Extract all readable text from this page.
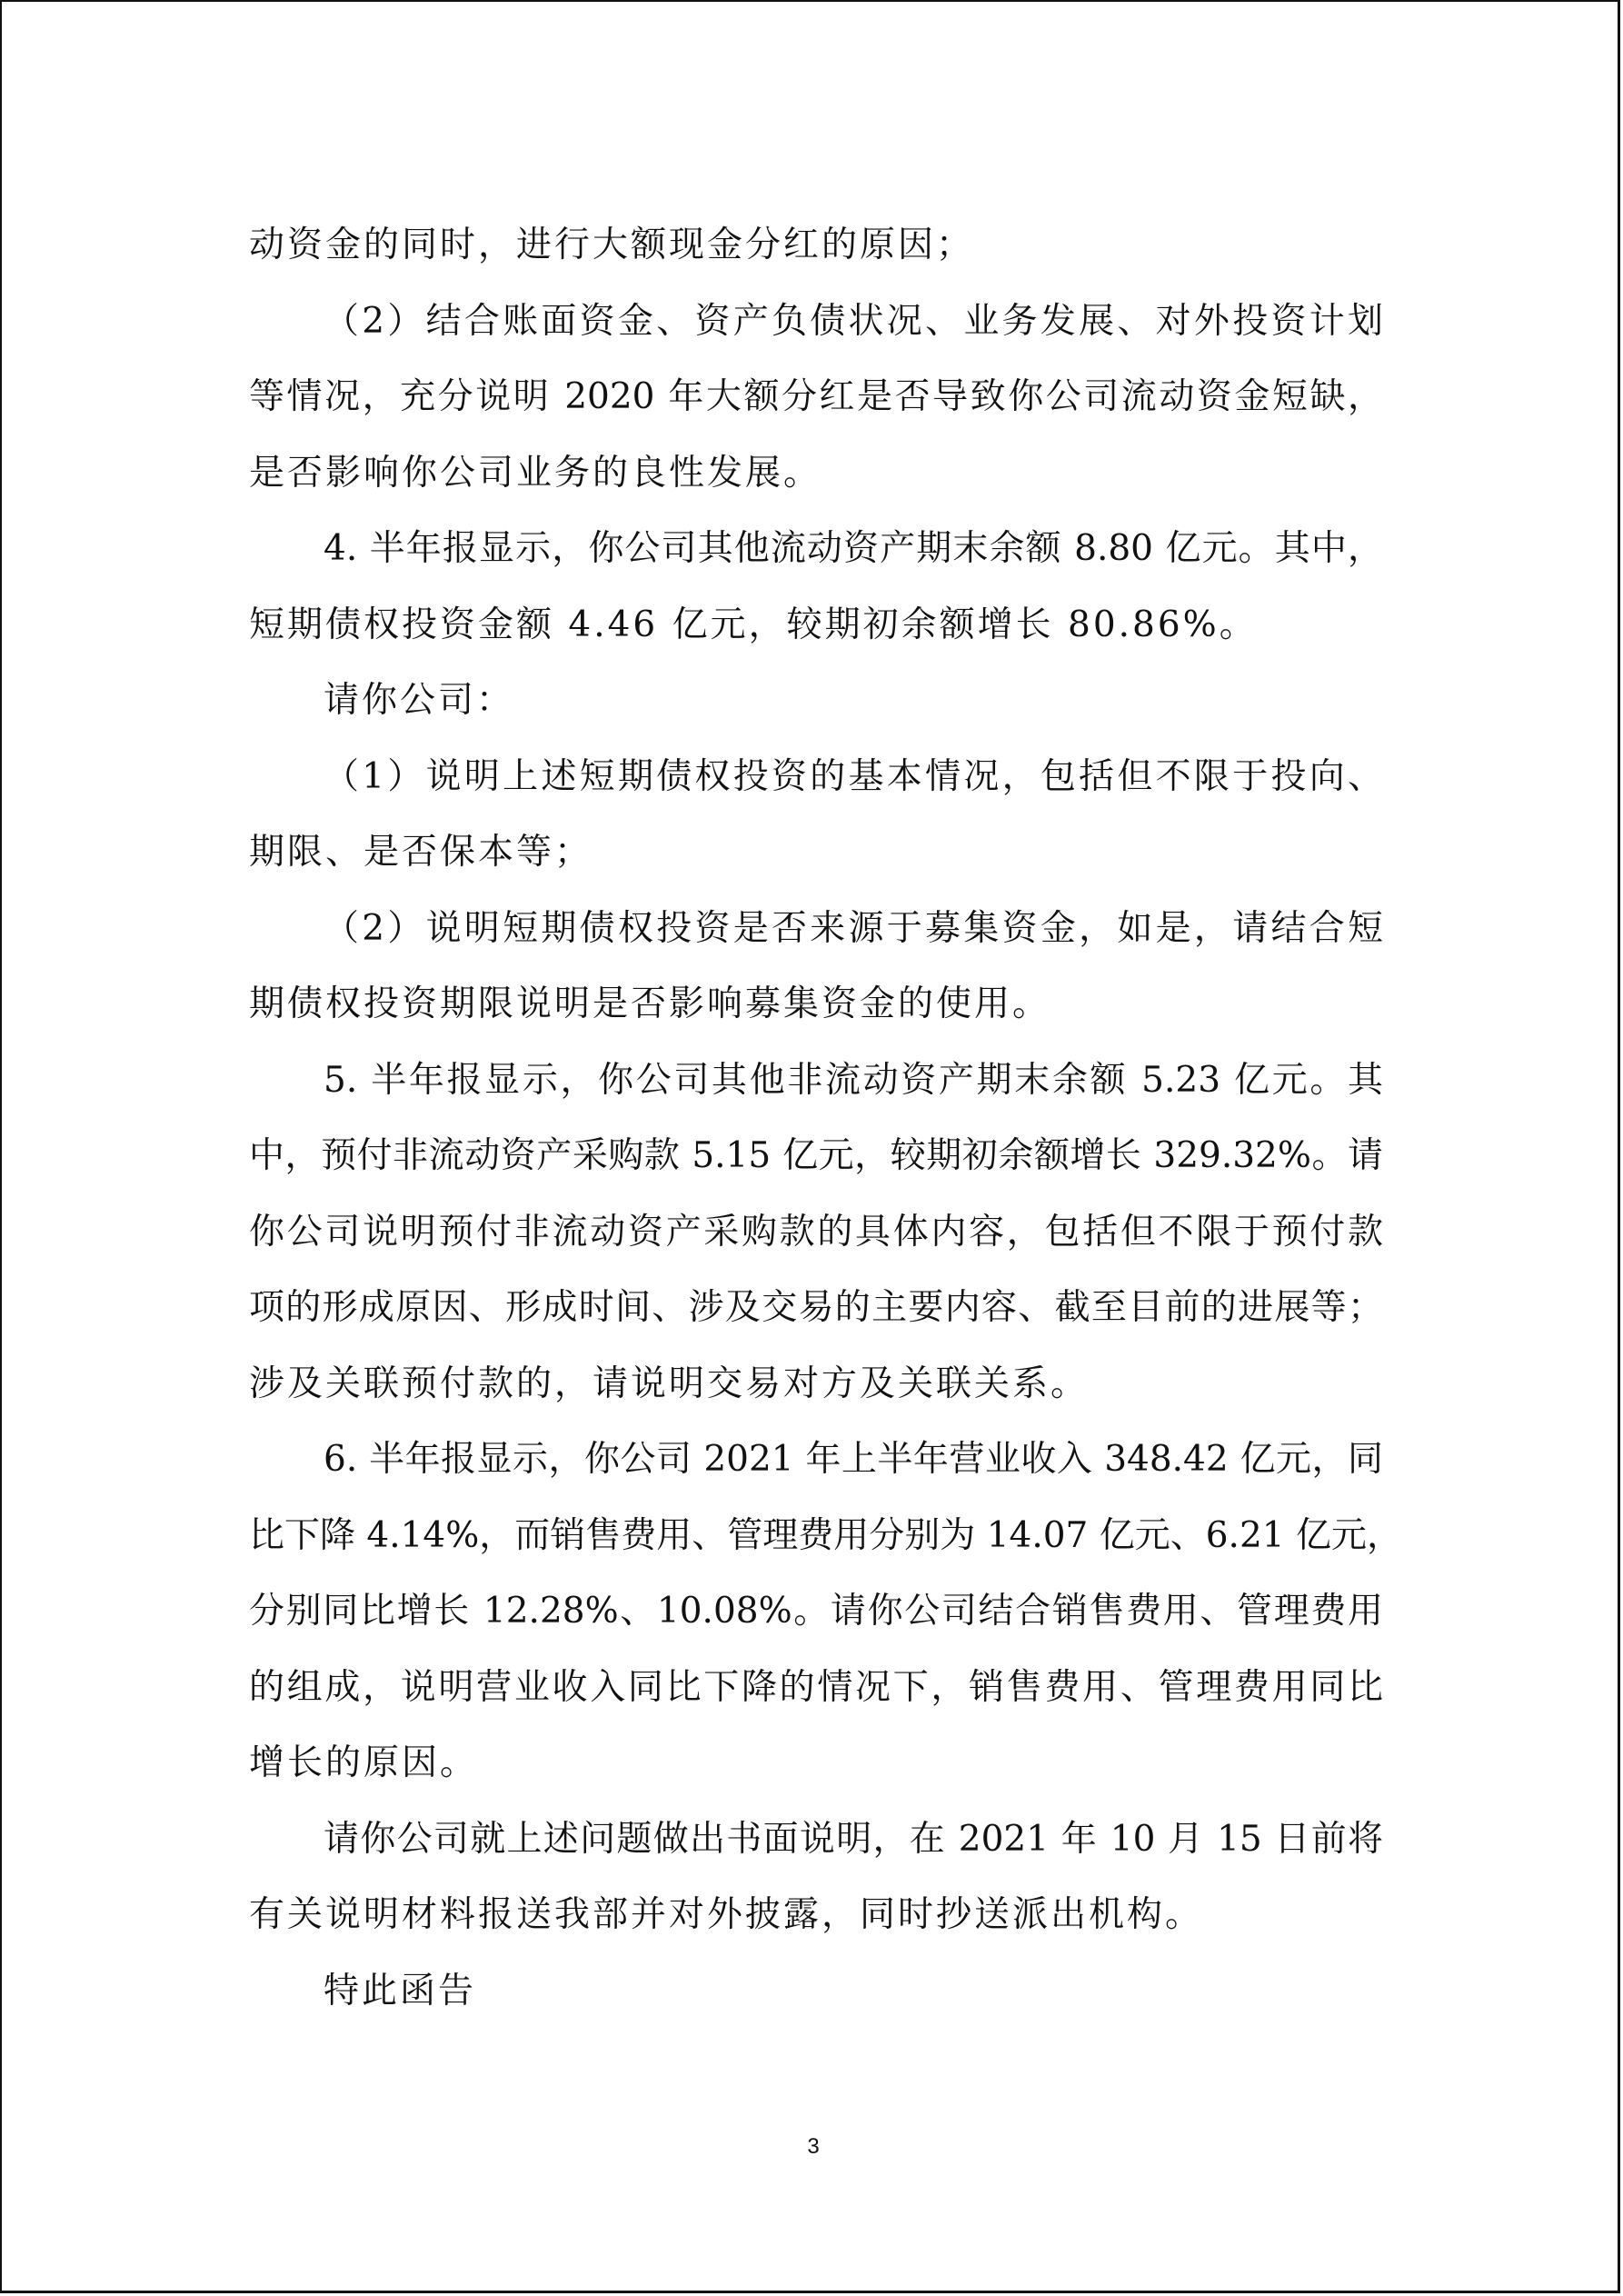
动资金的同时，进行大额现金分红的原因；
（2）结合账面资金、资产负债状况、业务发展、对外投资计划
等情况，充分说明 2020 年大额分红是否导致你公司流动资金短缺，
是否影响你公司业务的良性发展。
4. 半年报显示，你公司其他流动资产期末余额 8.80 亿元。其中，
短期债权投资金额 4.46 亿元，较期初余额增长 80.86%。
请你公司：
（1）说明上述短期债权投资的基本情况，包括但不限于投向、
期限、是否保本等；
（2）说明短期债权投资是否来源于募集资金，如是，请结合短
期债权投资期限说明是否影响募集资金的使用。
5. 半年报显示，你公司其他非流动资产期末余额 5.23 亿元。其
中，预付非流动资产采购款 5.15 亿元，较期初余额增长 329.32%。请
你公司说明预付非流动资产采购款的具体内容，包括但不限于预付款
项的形成原因、形成时间、涉及交易的主要内容、截至目前的进展等；
涉及关联预付款的，请说明交易对方及关联关系。
6. 半年报显示，你公司 2021 年上半年营业收入 348.42 亿元，同
比下降 4.14%，而销售费用、管理费用分别为 14.07 亿元、6.21 亿元，
分别同比增长 12.28%、10.08%。请你公司结合销售费用、管理费用
的组成，说明营业收入同比下降的情况下，销售费用、管理费用同比
增长的原因。
请你公司就上述问题做出书面说明，在 2021 年 10 月 15 日前将
有关说明材料报送我部并对外披露，同时抄送派出机构。
特此函告
3
